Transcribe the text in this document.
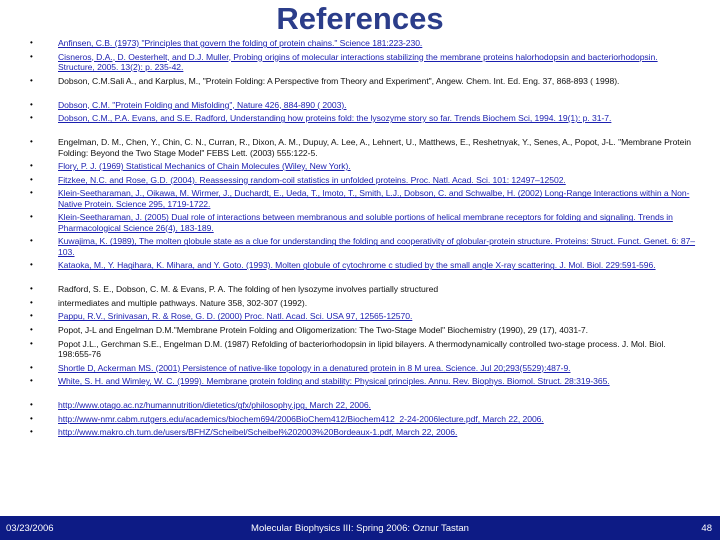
References
•	Anfinsen, C.B. (1973) "Principles that govern the folding of protein chains." Science 181:223-230.
•	Cisneros, D.A., D. Oesterhelt, and D.J. Muller, Probing origins of molecular interactions stabilizing the membrane proteins halorhodopsin and bacteriorhodopsin. Structure, 2005. 13(2): p. 235-42.
•	Dobson, C.M.Sali A., and Karplus, M., "Protein Folding: A Perspective from Theory and Experiment", Angew. Chem. Int. Ed. Eng. 37, 868-893 ( 1998).
•	Dobson, C.M. "Protein Folding and Misfolding", Nature 426, 884-890 ( 2003).
•	Dobson, C.M., P.A. Evans, and S.E. Radford, Understanding how proteins fold: the lysozyme story so far. Trends Biochem Sci, 1994. 19(1): p. 31-7.
•	Engelman, D. M., Chen, Y., Chin, C. N., Curran, R., Dixon, A. M., Dupuy, A. Lee, A., Lehnert, U., Matthews, E., Reshetnyak, Y., Senes, A., Popot, J-L. "Membrane Protein Folding: Beyond the Two Stage Model" FEBS Lett. (2003) 555:122-5.
•	Flory, P. J. (1969) Statistical Mechanics of Chain Molecules (Wiley, New York).
•	Fitzkee, N.C. and Rose, G.D. (2004). Reassessing random-coil statistics in unfolded proteins. Proc. Natl. Acad. Sci. 101: 12497–12502.
•	Klein-Seetharaman, J., Oikawa, M. Wirmer, J., Duchardt, E., Ueda, T., Imoto, T., Smith, L.J., Dobson, C. and Schwalbe, H. (2002) Long-Range Interactions within a Non-Native Protein. Science 295, 1719-1722.
•	Klein-Seetharaman, J. (2005) Dual role of interactions between membranous and soluble portions of helical membrane receptors for folding and signaling. Trends in Pharmacological Science 26(4), 183-189.
•	Kuwajima, K. (1989), The molten globule state as a clue for understanding the folding and cooperativity of globular-protein structure. Proteins: Struct. Funct. Genet. 6: 87–103.
•	Kataoka, M., Y. Hagihara, K. Mihara, and Y. Goto. (1993). Molten globule of cytochrome c studied by the small angle X-ray scattering. J. Mol. Biol. 229:591-596.
•	Radford, S. E., Dobson, C. M. & Evans, P. A. The folding of hen lysozyme involves partially structured
•	intermediates and multiple pathways. Nature 358, 302-307 (1992).
•	Pappu, R.V., Srinivasan, R. & Rose, G. D. (2000) Proc. Natl. Acad. Sci. USA 97, 12565-12570.
•	Popot, J-L and Engelman D.M."Membrane Protein Folding and Oligomerization: The Two-Stage Model" Biochemistry (1990), 29 (17), 4031-7.
•	Popot J.L., Gerchman S.E., Engelman D.M. (1987) Refolding of bacteriorhodopsin in lipid bilayers. A thermodynamically controlled two-stage process. J. Mol. Biol. 198:655-76
•	Shortle D, Ackerman MS. (2001) Persistence of native-like topology in a denatured protein in 8 M urea. Science. Jul 20;293(5529):487-9.
•	White, S. H. and Wimley, W. C. (1999). Membrane protein folding and stability: Physical principles. Annu. Rev. Biophys. Biomol. Struct. 28:319-365.
•	http://www.otago.ac.nz/humannutrition/dietetics/gfx/philosophy.jpg, March 22, 2006.
•	http://www-nmr.cabm.rutgers.edu/academics/biochem694/2006BioChem412/Biochem412_2-24-2006lecture.pdf, March 22, 2006.
•	http://www.makro.ch.tum.de/users/BFHZ/Scheibel/Scheibel%202003%20Bordeaux-1.pdf, March 22, 2006.
03/23/2006	Molecular Biophysics III: Spring 2006: Oznur Tastan	48
